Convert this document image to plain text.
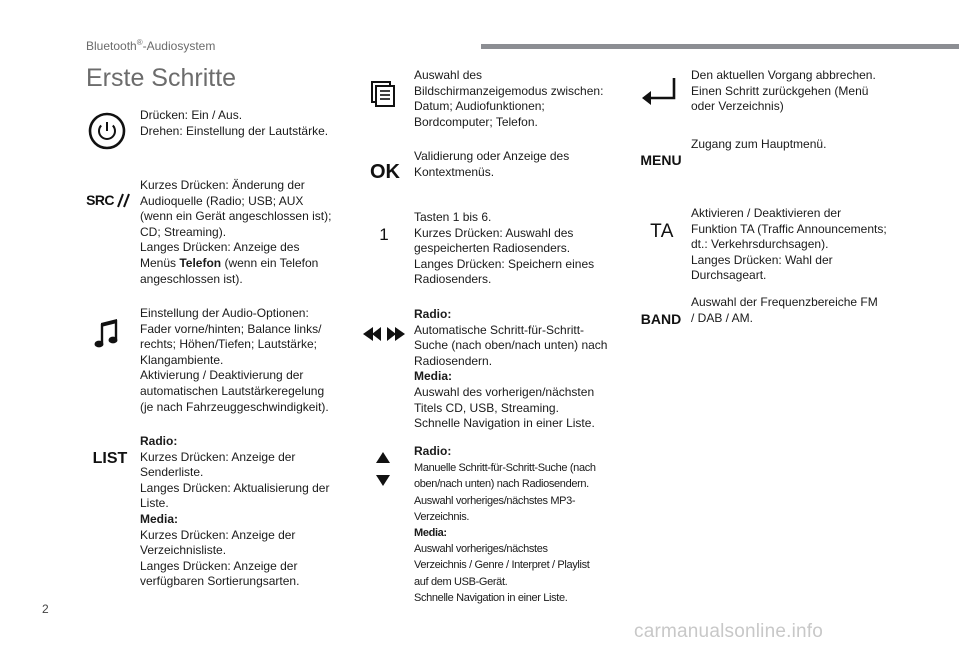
Bluetooth®-Audiosystem
Erste Schritte
Drücken: Ein / Aus.
Drehen: Einstellung der Lautstärke.
SRC
Kurzes Drücken: Änderung der
Audioquelle (Radio; USB; AUX
(wenn ein Gerät angeschlossen ist);
CD; Streaming).
Langes Drücken: Anzeige des
Menüs Telefon (wenn ein Telefon
angeschlossen ist).
Einstellung der Audio-Optionen:
Fader vorne/hinten; Balance links/
rechts; Höhen/Tiefen; Lautstärke;
Klangambiente.
Aktivierung / Deaktivierung der
automatischen Lautstärkeregelung
(je nach Fahrzeuggeschwindigkeit).
LIST
Radio:
Kurzes Drücken: Anzeige der
Senderliste.
Langes Drücken: Aktualisierung der
Liste.
Media:
Kurzes Drücken: Anzeige der
Verzeichnisliste.
Langes Drücken: Anzeige der
verfügbaren Sortierungsarten.
Auswahl des
Bildschirmanzeigemodus zwischen:
Datum; Audiofunktionen;
Bordcomputer; Telefon.
OK
Validierung oder Anzeige des
Kontextmenüs.
1
Tasten 1 bis 6.
Kurzes Drücken: Auswahl des
gespeicherten Radiosenders.
Langes Drücken: Speichern eines
Radiosenders.
Radio:
Automatische Schritt-für-Schritt-
Suche (nach oben/nach unten) nach
Radiosendern.
Media:
Auswahl des vorherigen/nächsten
Titels CD, USB, Streaming.
Schnelle Navigation in einer Liste.
Radio:
Manuelle Schritt-für-Schritt-Suche (nach
oben/nach unten) nach Radiosendern.
Auswahl vorheriges/nächstes MP3-
Verzeichnis.
Media:
Auswahl vorheriges/nächstes
Verzeichnis / Genre / Interpret / Playlist
auf dem USB-Gerät.
Schnelle Navigation in einer Liste.
Den aktuellen Vorgang abbrechen.
Einen Schritt zurückgehen (Menü
oder Verzeichnis)
MENU
Zugang zum Hauptmenü.
TA
Aktivieren / Deaktivieren der
Funktion TA (Traffic Announcements;
dt.: Verkehrsdurchsagen).
Langes Drücken: Wahl der
Durchsageart.
BAND
Auswahl der Frequenzbereiche FM
/ DAB / AM.
2
carmanualsonline.info
